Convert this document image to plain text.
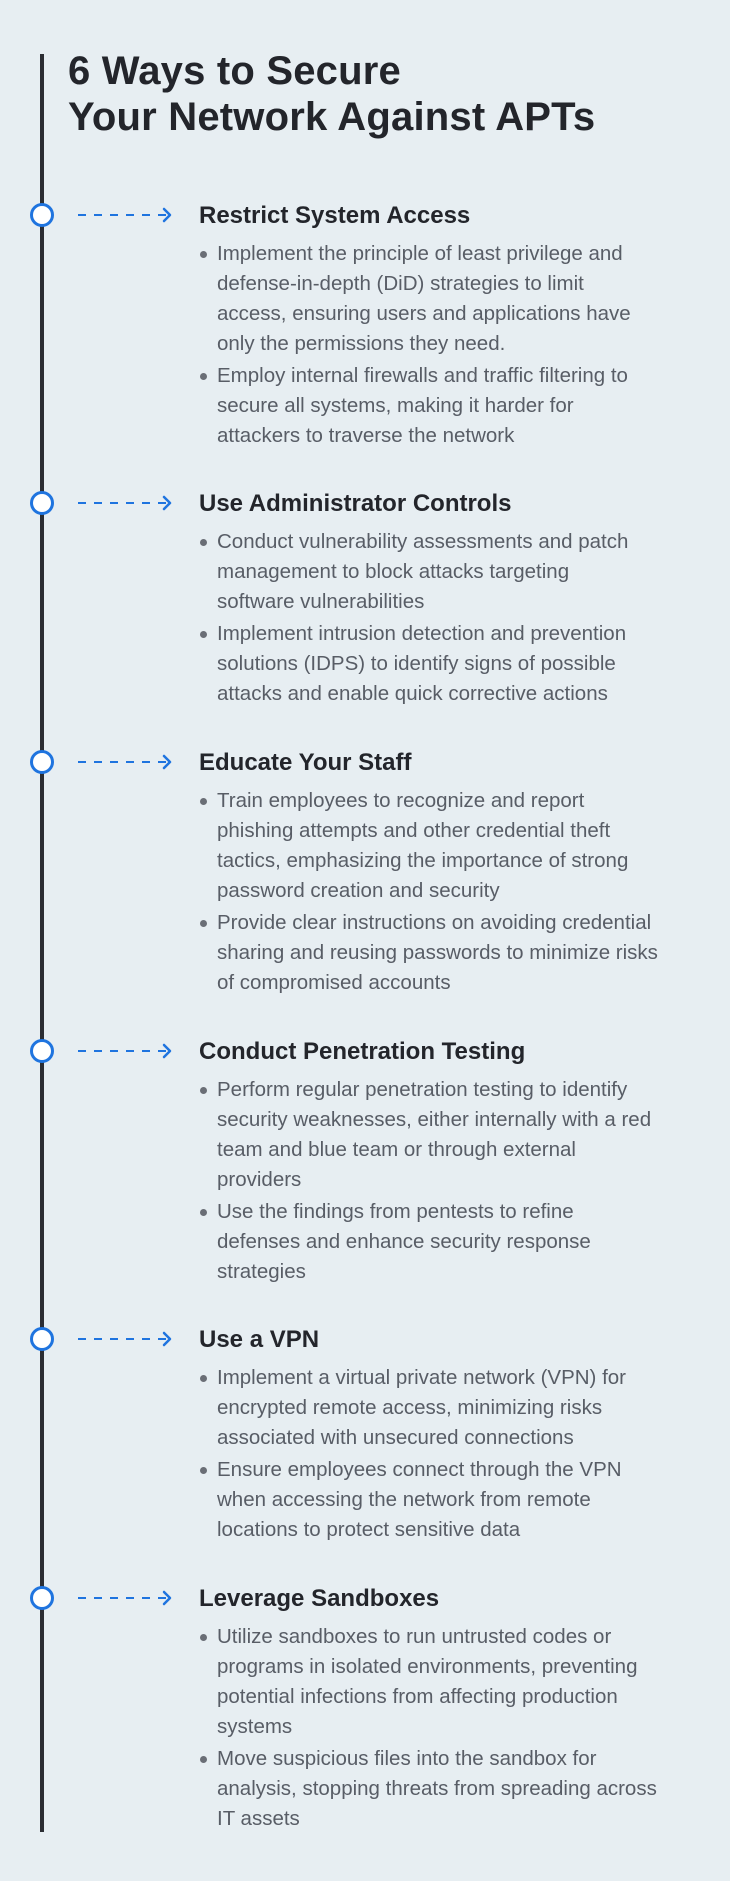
6 Ways to Secure
Your Network Against APTs
Restrict System Access
Implement the principle of least privilege and
defense-in-depth (DiD) strategies to limit
access, ensuring users and applications have
only the permissions they need.
Employ internal firewalls and traffic filtering to
secure all systems, making it harder for
attackers to traverse the network
Use Administrator Controls
Conduct vulnerability assessments and patch
management to block attacks targeting
software vulnerabilities
Implement intrusion detection and prevention
solutions (IDPS) to identify signs of possible
attacks and enable quick corrective actions
Educate Your Staff
Train employees to recognize and report
phishing attempts and other credential theft
tactics, emphasizing the importance of strong
password creation and security
Provide clear instructions on avoiding credential
sharing and reusing passwords to minimize risks
of compromised accounts
Conduct Penetration Testing
Perform regular penetration testing to identify
security weaknesses, either internally with a red
team and blue team or through external
providers
Use the findings from pentests to refine
defenses and enhance security response
strategies
Use a VPN
Implement a virtual private network (VPN) for
encrypted remote access, minimizing risks
associated with unsecured connections
Ensure employees connect through the VPN
when accessing the network from remote
locations to protect sensitive data
Leverage Sandboxes
Utilize sandboxes to run untrusted codes or
programs in isolated environments, preventing
potential infections from affecting production
systems
Move suspicious files into the sandbox for
analysis, stopping threats from spreading across
IT assets
